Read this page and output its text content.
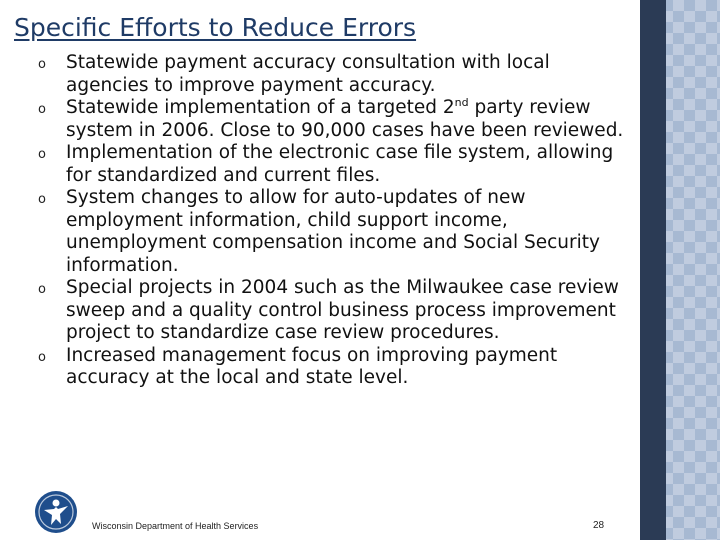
Specific Efforts to Reduce Errors
o Statewide payment accuracy consultation with local agencies to improve payment accuracy.
o Statewide implementation of a targeted 2nd party review system in 2006. Close to 90,000 cases have been reviewed.
o Implementation of the electronic case file system, allowing for standardized and current files.
o System changes to allow for auto-updates of new employment information, child support income, unemployment compensation income and Social Security information.
o Special projects in 2004 such as the Milwaukee case review sweep and a quality control business process improvement project to standardize case review procedures.
o Increased management focus on improving payment accuracy at the local and state level.
Wisconsin Department of Health Services	28
